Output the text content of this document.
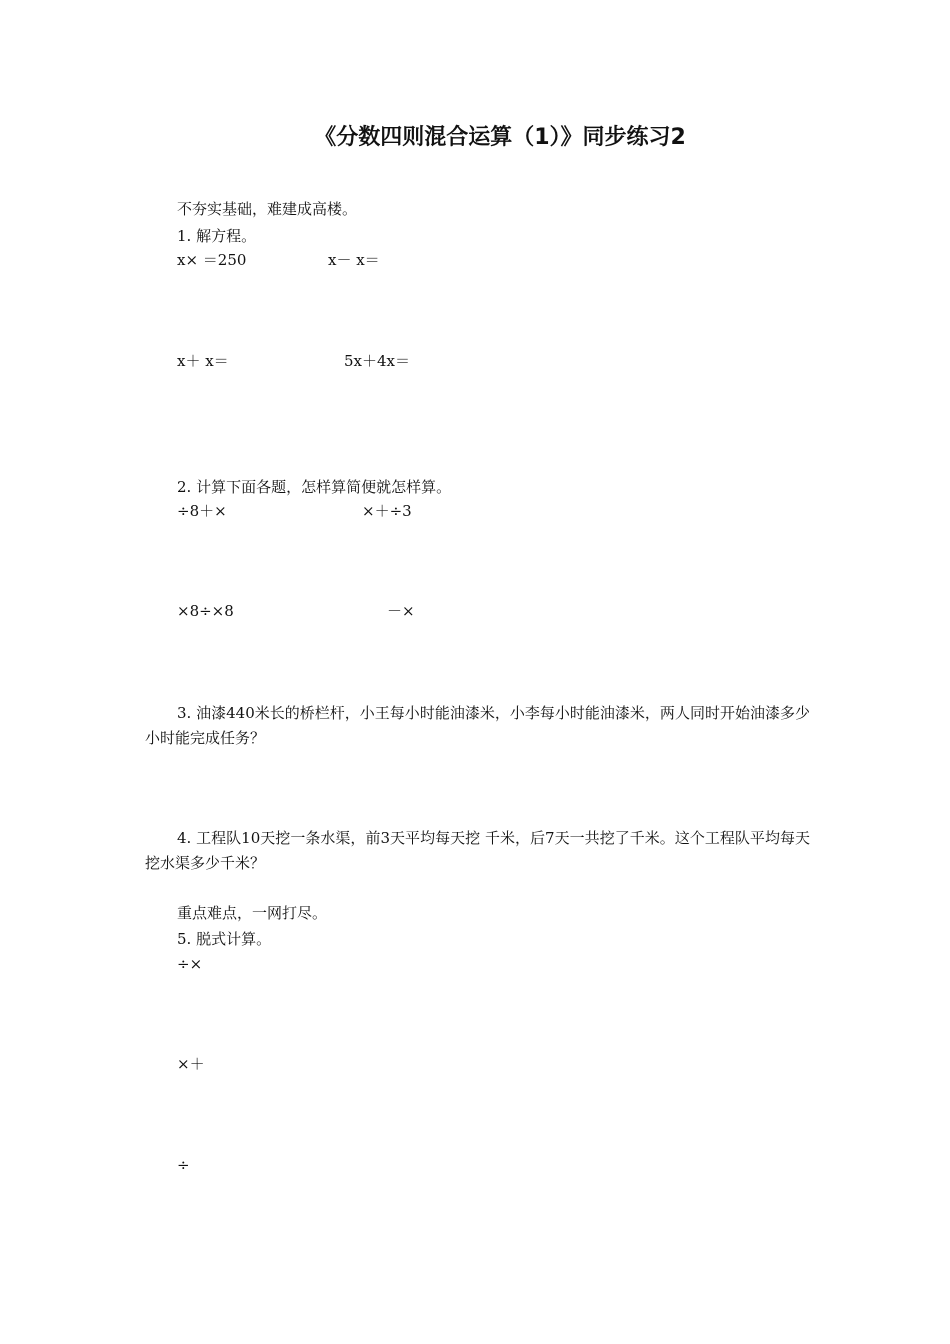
《分数四则混合运算（1）》同步练习2
不夯实基础，难建成高楼。
1. 解方程。
x× ＝250	x－ x＝
x＋ x＝	5x＋4x＝
2. 计算下面各题，怎样算简便就怎样算。
÷8＋×	×＋÷3
×8÷×8	－×
3. 油漆440米长的桥栏杆，小王每小时能油漆米，小李每小时能油漆米，两人同时开始油漆多少小时能完成任务？
4. 工程队10天挖一条水渠，前3天平均每天挖 千米，后7天一共挖了千米。这个工程队平均每天挖水渠多少千米？
重点难点，一网打尽。
5. 脱式计算。
÷×
×＋
÷
